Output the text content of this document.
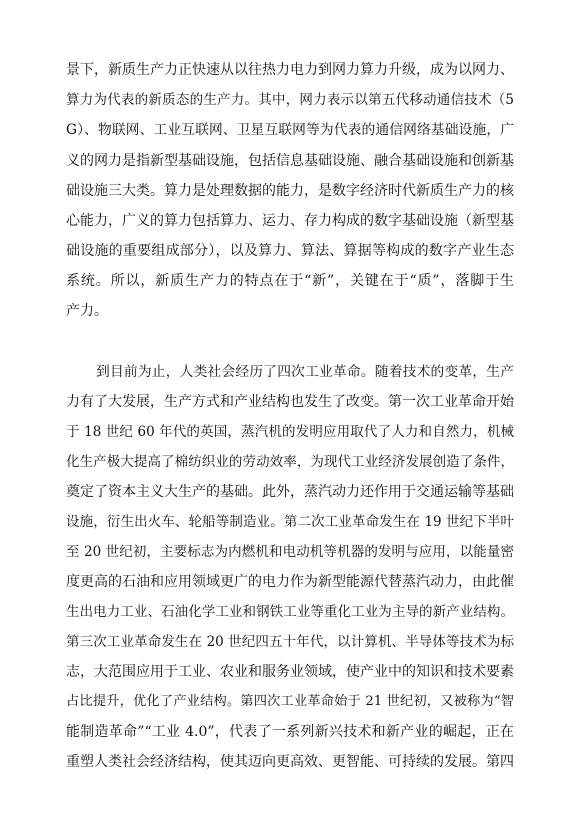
景下，新质生产力正快速从以往热力电力到网力算力升级，成为以网力、
算力为代表的新质态的生产力。其中，网力表示以第五代移动通信技术（5
G）、物联网、工业互联网、卫星互联网等为代表的通信网络基础设施，广
义的网力是指新型基础设施，包括信息基础设施、融合基础设施和创新基
础设施三大类。算力是处理数据的能力，是数字经济时代新质生产力的核
心能力，广义的算力包括算力、运力、存力构成的数字基础设施（新型基
础设施的重要组成部分），以及算力、算法、算据等构成的数字产业生态
系统。所以，新质生产力的特点在于“新”，关键在于“质”，落脚于生
产力。
到目前为止，人类社会经历了四次工业革命。随着技术的变革，生产
力有了大发展，生产方式和产业结构也发生了改变。第一次工业革命开始
于 18 世纪 60 年代的英国，蒸汽机的发明应用取代了人力和自然力，机械
化生产极大提高了棉纺织业的劳动效率，为现代工业经济发展创造了条件，
奠定了资本主义大生产的基础。此外，蒸汽动力还作用于交通运输等基础
设施，衍生出火车、轮船等制造业。第二次工业革命发生在 19 世纪下半叶
至 20 世纪初，主要标志为内燃机和电动机等机器的发明与应用，以能量密
度更高的石油和应用领域更广的电力作为新型能源代替蒸汽动力，由此催
生出电力工业、石油化学工业和钢铁工业等重化工业为主导的新产业结构。
第三次工业革命发生在 20 世纪四五十年代，以计算机、半导体等技术为标
志，大范围应用于工业、农业和服务业领域，使产业中的知识和技术要素
占比提升，优化了产业结构。第四次工业革命始于 21 世纪初，又被称为“智
能制造革命”“工业 4.0”，代表了一系列新兴技术和新产业的崛起，正在
重塑人类社会经济结构，使其迈向更高效、更智能、可持续的发展。第四
